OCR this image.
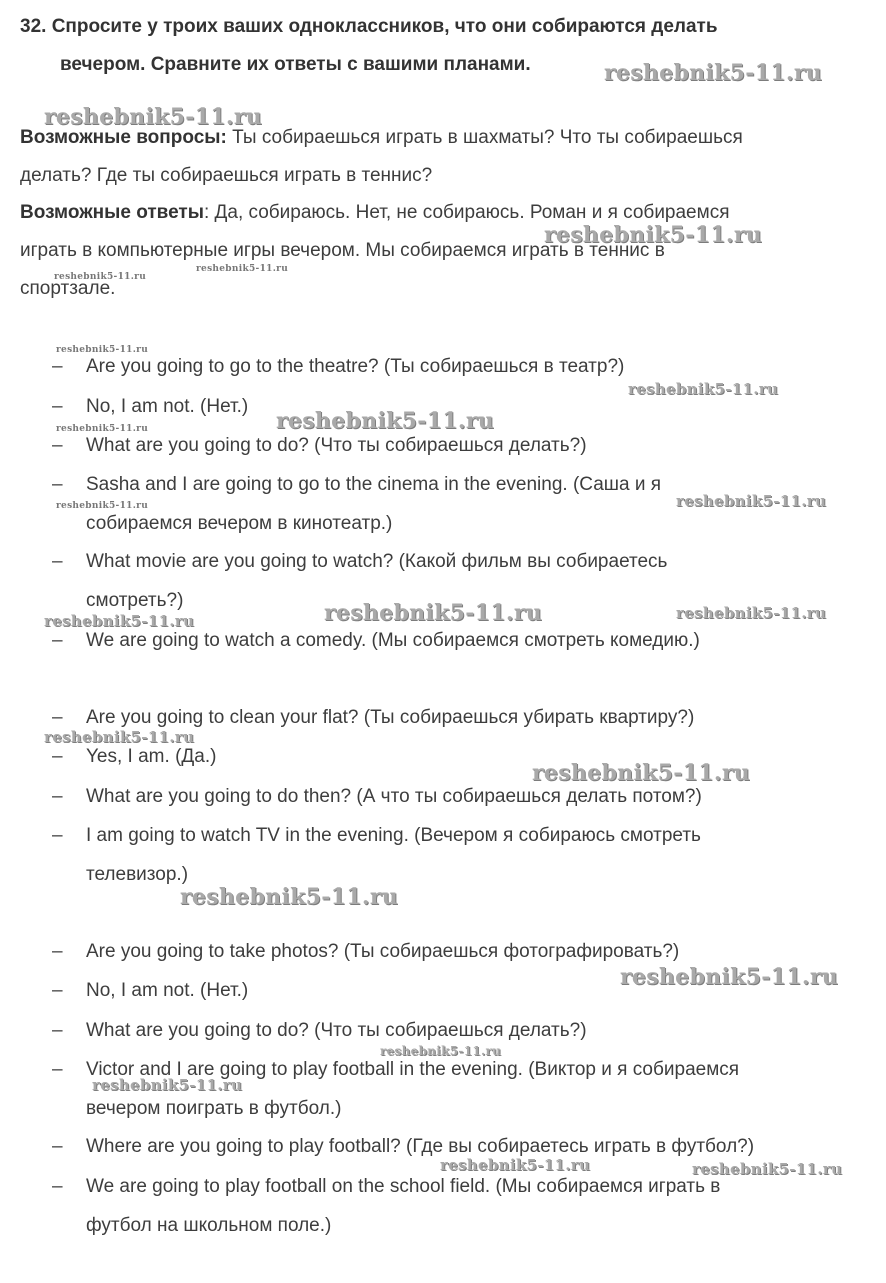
32. Спросите у троих ваших одноклассников, что они собираются делать
вечером. Сравните их ответы с вашими планами.
Возможные вопросы: Ты собираешься играть в шахматы? Что ты собираешься
делать? Где ты собираешься играть в теннис?
Возможные ответы: Да, собираюсь. Нет, не собираюсь. Роман и я собираемся
играть в компьютерные игры вечером. Мы собираемся играть в теннис в
спортзале.
– Are you going to go to the theatre? (Ты собираешься в театр?)
– No, I am not. (Нет.)
– What are you going to do? (Что ты собираешься делать?)
– Sasha and I are going to go to the cinema in the evening. (Саша и я
собираемся вечером в кинотеатр.)
– What movie are you going to watch? (Какой фильм вы собираетесь
смотреть?)
– We are going to watch a comedy. (Мы собираемся смотреть комедию.)
– Are you going to clean your flat? (Ты собираешься убирать квартиру?)
– Yes, I am. (Да.)
– What are you going to do then? (А что ты собираешься делать потом?)
– I am going to watch TV in the evening. (Вечером я собираюсь смотреть
телевизор.)
– Are you going to take photos? (Ты собираешься фотографировать?)
– No, I am not. (Нет.)
– What are you going to do? (Что ты собираешься делать?)
– Victor and I are going to play football in the evening. (Виктор и я собираемся
вечером поиграть в футбол.)
– Where are you going to play football? (Где вы собираетесь играть в футбол?)
– We are going to play football on the school field. (Мы собираемся играть в
футбол на школьном поле.)
reshebnik5-11.ru
reshebnik5-11.ru
reshebnik5-11.ru
reshebnik5-11.ru
reshebnik5-11.ru
reshebnik5-11.ru
reshebnik5-11.ru
reshebnik5-11.ru
reshebnik5-11.ru
reshebnik5-11.ru	reshebnik5-11.ru
reshebnik5-11.ru
reshebnik5-11.ru	reshebnik5-11.ru
reshebnik5-11.ru
reshebnik5-11.ru
reshebnik5-11.ru
reshebnik5-11.ru
reshebnik5-11.ru
reshebnik5-11.ru
reshebnik5-11.ru	reshebnik5-11.ru
